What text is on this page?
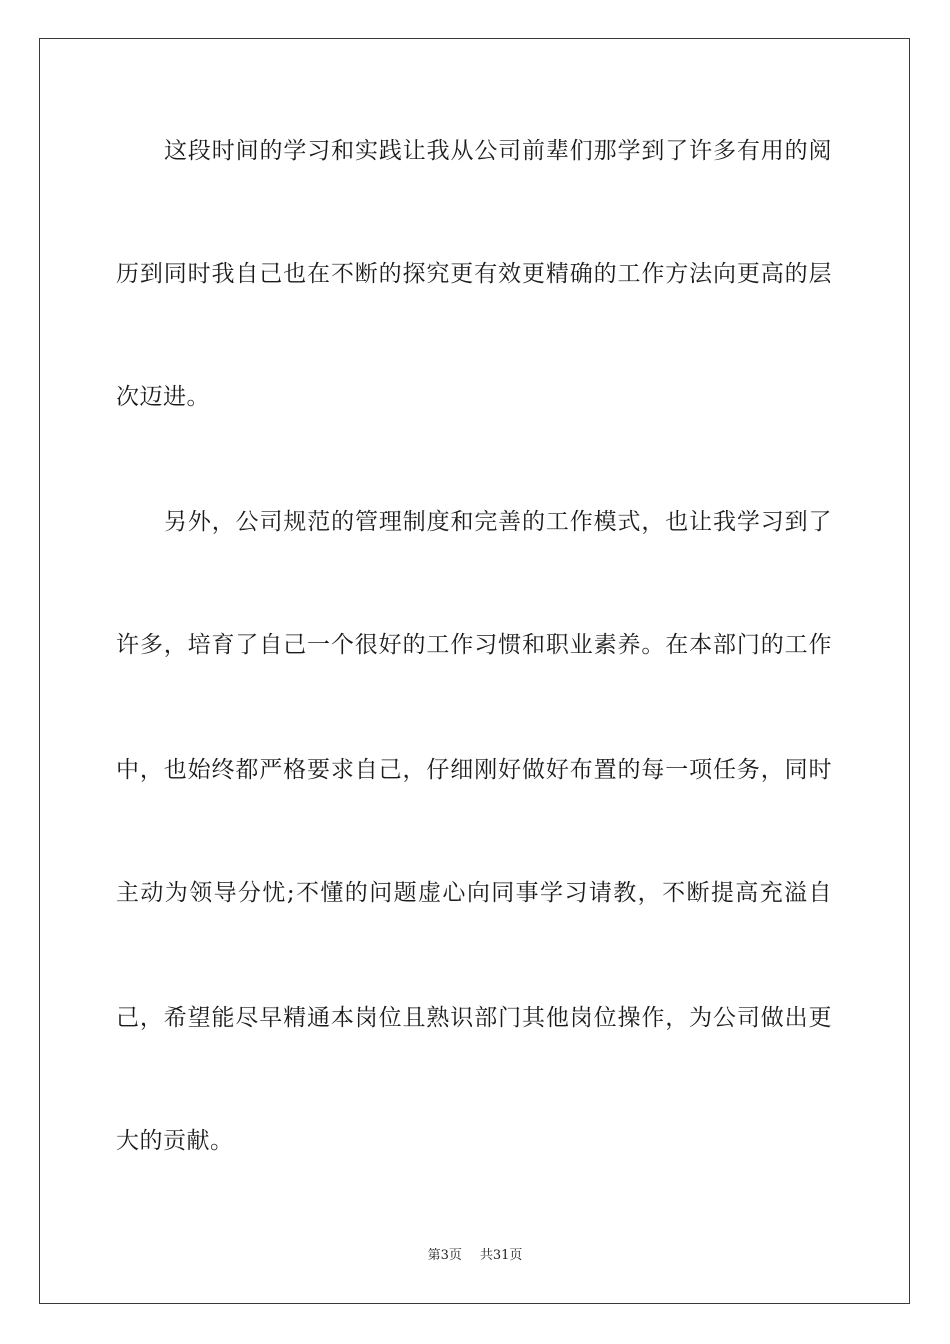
这段时间的学习和实践让我从公司前辈们那学到了许多有用的阅
历到同时我自己也在不断的探究更有效更精确的工作方法向更高的层
次迈进。
另外，公司规范的管理制度和完善的工作模式，也让我学习到了
许多，培育了自己一个很好的工作习惯和职业素养。在本部门的工作
中，也始终都严格要求自己，仔细刚好做好布置的每一项任务，同时
主动为领导分忧;不懂的问题虚心向同事学习请教，不断提高充溢自
己，希望能尽早精通本岗位且熟识部门其他岗位操作，为公司做出更
大的贡献。
第3页 共31页
